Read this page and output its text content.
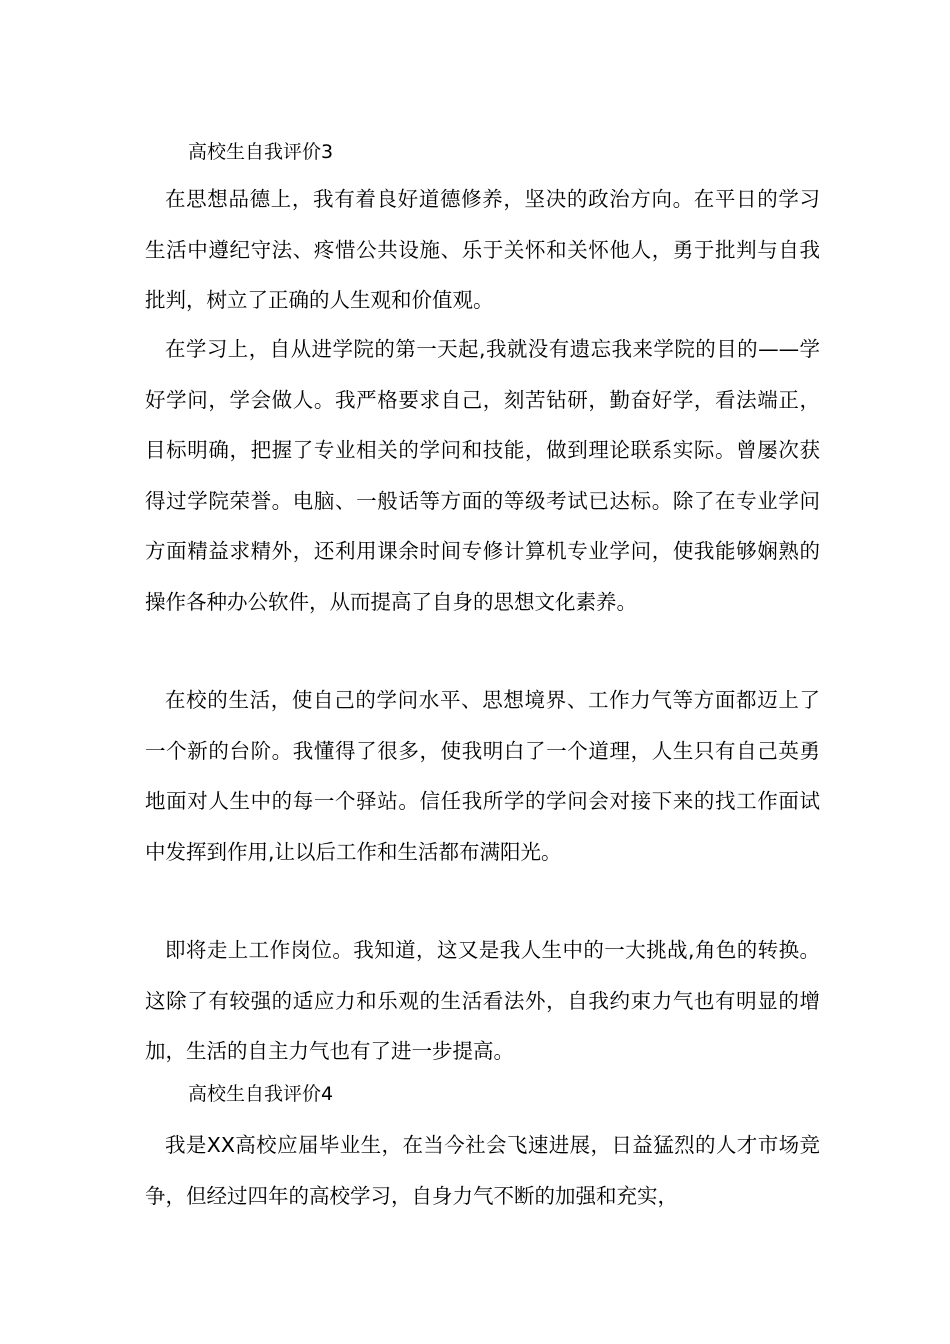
高校生自我评价3

在思想品德上，我有着良好道德修养，坚决的政治方向。在平日的学习生活中遵纪守法、疼惜公共设施、乐于关怀和关怀他人，勇于批判与自我批判，树立了正确的人生观和价值观。

在学习上，自从进学院的第一天起,我就没有遗忘我来学院的目的——学好学问，学会做人。我严格要求自己，刻苦钻研，勤奋好学，看法端正，目标明确，把握了专业相关的学问和技能，做到理论联系实际。曾屡次获得过学院荣誉。电脑、一般话等方面的等级考试已达标。除了在专业学问方面精益求精外，还利用课余时间专修计算机专业学问，使我能够娴熟的操作各种办公软件，从而提高了自身的思想文化素养。

在校的生活，使自己的学问水平、思想境界、工作力气等方面都迈上了一个新的台阶。我懂得了很多，使我明白了一个道理，人生只有自己英勇地面对人生中的每一个驿站。信任我所学的学问会对接下来的找工作面试中发挥到作用,让以后工作和生活都布满阳光。

即将走上工作岗位。我知道，这又是我人生中的一大挑战,角色的转换。这除了有较强的适应力和乐观的生活看法外，自我约束力气也有明显的增加，生活的自主力气也有了进一步提高。

高校生自我评价4

我是XX高校应届毕业生，在当今社会飞速进展，日益猛烈的人才市场竞争，但经过四年的高校学习，自身力气不断的加强和充实，
